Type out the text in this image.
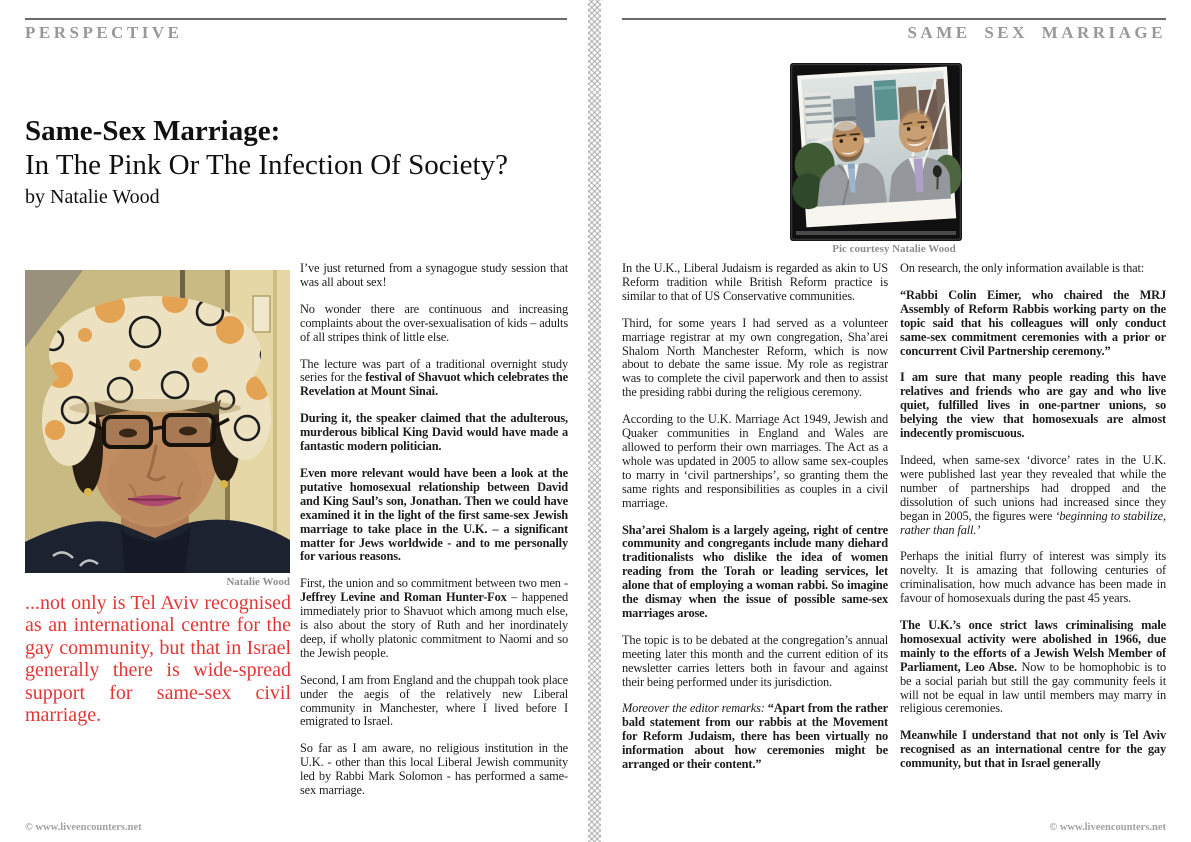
PERSPECTIVE
Same-Sex Marriage:
In The Pink Or The Infection Of Society?
by Natalie Wood
Natalie Wood
...not only is Tel Aviv recognised as an international centre for the gay community, but that in Israel generally there is wide-spread support for same-sex civil marriage.

I’ve just returned from a synagogue study session that was all about sex!

No wonder there are continuous and increasing complaints about the over-sexualisation of kids – adults of all stripes think of little else.

The lecture was part of a traditional overnight study series for the festival of Shavuot which celebrates the Revelation at Mount Sinai.

During it, the speaker claimed that the adulterous, murderous biblical King David would have made a fantastic modern politician.

Even more relevant would have been a look at the putative homosexual relationship between David and King Saul’s son, Jonathan. Then we could have examined it in the light of the first same-sex Jewish marriage to take place in the U.K. – a significant matter for Jews worldwide - and to me personally for various reasons.

First, the union and so commitment between two men - Jeffrey Levine and Roman Hunter-Fox – happened immediately prior to Shavuot which among much else, is also about the story of Ruth and her inordinately deep, if wholly platonic commitment to Naomi and so the Jewish people.

Second, I am from England and the chuppah took place under the aegis of the relatively new Liberal community in Manchester, where I lived before I emigrated to Israel.

So far as I am aware, no religious institution in the U.K. - other than this local Liberal Jewish community led by Rabbi Mark Solomon - has performed a same-sex marriage.

© www.liveencounters.net
SAME SEX MARRIAGE
Pic courtesy Natalie Wood

In the U.K., Liberal Judaism is regarded as akin to US Reform tradition while British Reform practice is similar to that of US Conservative communities.

Third, for some years I had served as a volunteer marriage registrar at my own congregation, Sha’arei Shalom North Manchester Reform, which is now about to debate the same issue. My role as registrar was to complete the civil paperwork and then to assist the presiding rabbi during the religious ceremony.

According to the U.K. Marriage Act 1949, Jewish and Quaker communities in England and Wales are allowed to perform their own marriages. The Act as a whole was updated in 2005 to allow same sex-couples to marry in ‘civil partnerships’, so granting them the same rights and responsibilities as couples in a civil marriage.

Sha’arei Shalom is a largely ageing, right of centre community and congregants include many diehard traditionalists who dislike the idea of women reading from the Torah or leading services, let alone that of employing a woman rabbi. So imagine the dismay when the issue of possible same-sex marriages arose.

The topic is to be debated at the congregation’s annual meeting later this month and the current edition of its newsletter carries letters both in favour and against their being performed under its jurisdiction.

Moreover the editor remarks: “Apart from the rather bald statement from our rabbis at the Movement for Reform Judaism, there has been virtually no information about how ceremonies might be arranged or their content.”

On research, the only information available is that:

“Rabbi Colin Eimer, who chaired the MRJ Assembly of Reform Rabbis working party on the topic said that his colleagues will only conduct same-sex commitment ceremonies with a prior or concurrent Civil Partnership ceremony.”

I am sure that many people reading this have relatives and friends who are gay and who live quiet, fulfilled lives in one-partner unions, so belying the view that homosexuals are almost indecently promiscuous.

Indeed, when same-sex ‘divorce’ rates in the U.K. were published last year they revealed that while the number of partnerships had dropped and the dissolution of such unions had increased since they began in 2005, the figures were ‘beginning to stabilize, rather than fall.’

Perhaps the initial flurry of interest was simply its novelty. It is amazing that following centuries of criminalisation, how much advance has been made in favour of homosexuals during the past 45 years.

The U.K.’s once strict laws criminalising male homosexual activity were abolished in 1966, due mainly to the efforts of a Jewish Welsh Member of Parliament, Leo Abse. Now to be homophobic is to be a social pariah but still the gay community feels it will not be equal in law until members may marry in religious ceremonies.

Meanwhile I understand that not only is Tel Aviv recognised as an international centre for the gay community, but that in Israel generally

© www.liveencounters.net
